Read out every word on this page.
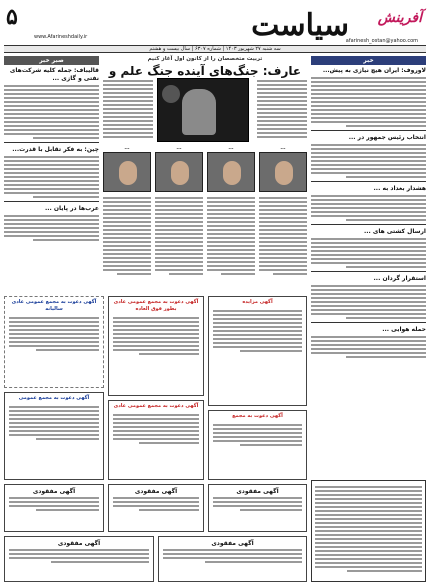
۵
www.Afarineshdaily.ir	سیاست آفرینش
afarinesh_ostan@yahoo.com
سه شنبه ۲۷ شهریور ۱۴۰۳ | شماره ۶۳۰۷ | سال بیست و هشتم
خبر
لاوروف: ایران هیچ نیازی به پیش...
انتخاب رئیس جمهور در ...
هشدار بغداد به ...
ارسال کشتی های ...
استقرار گردان ...
حمله هوایی ...
صبر خبر
قالیباف: جمله کلیه شرکت‌های نفتی و گازی ...
چین: به فکر تقابل با قدرت...
عرب‌ها در پایان ...
تربیت متخصصان را از کانون اول آغاز کنیم
عارف: جنگ‌های آینده جنگ علم و
...	...	...	...
آگهی دعوت به مجمع عمومی عادی سالیانه
آگهی دعوت به مجمع عمومی عادی بطور فوق العاده
آگهی مزایده
آگهی دعوت به مجمع عمومی
آگهی دعوت به مجمع عمومی عادی
آگهی دعوت به مجمع
آگهی مفقودی	آگهی مفقودی	آگهی مفقودی
آگهی مفقودی	آگهی مفقودی
